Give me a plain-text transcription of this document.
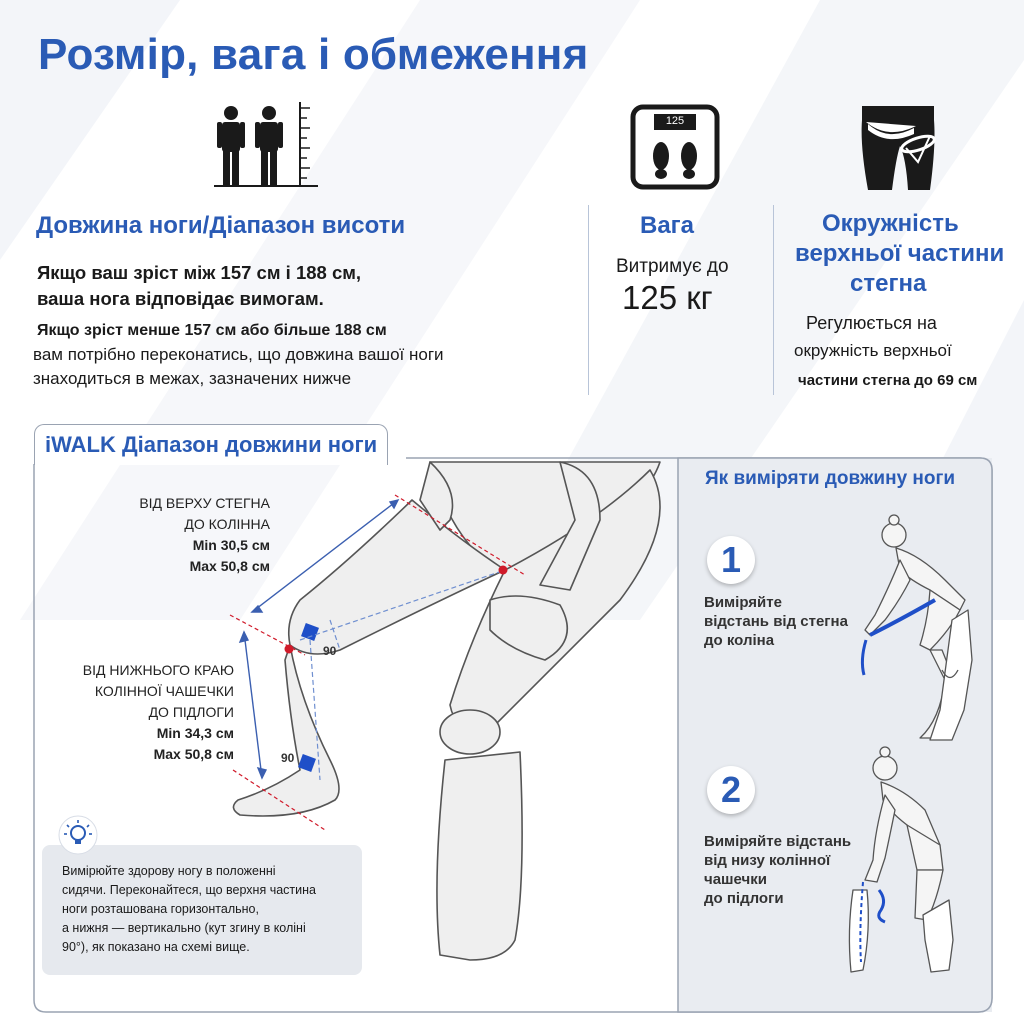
Розмір, вага і обмеження
Довжина ноги/Діапазон висоти
Якщо ваш зріст між 157 см і 188 см,
ваша нога відповідає вимогам.
Якщо зріст менше 157 см або більше 188 см
вам потрібно переконатись, що довжина вашої ноги
знаходиться в межах, зазначених нижче
125
Вага
Витримує до
125 кг
Окружність
верхньої частини
стегна
Регулюється на
окружність верхньої
частини стегна до 69 см
iWALK Діапазон довжини ноги
90
90
ВІД ВЕРХУ СТЕГНА
ДО КОЛІННА
Min 30,5 см
Max 50,8 см
ВІД НИЖНЬОГО КРАЮ
КОЛІННОЇ ЧАШЕЧКИ
ДО ПІДЛОГИ
Min 34,3 см
Max 50,8 см
Вимірюйте здорову ногу в положенні
сидячи. Переконайтеся, що верхня частина
ноги розташована горизонтально,
а нижня — вертикально (кут згину в коліні
90°), як показано на схемі вище.
Як виміряти довжину ноги
1
Виміряйте
відстань від стегна
до коліна
2
Виміряйте відстань
від низу колінної
чашечки
до підлоги
